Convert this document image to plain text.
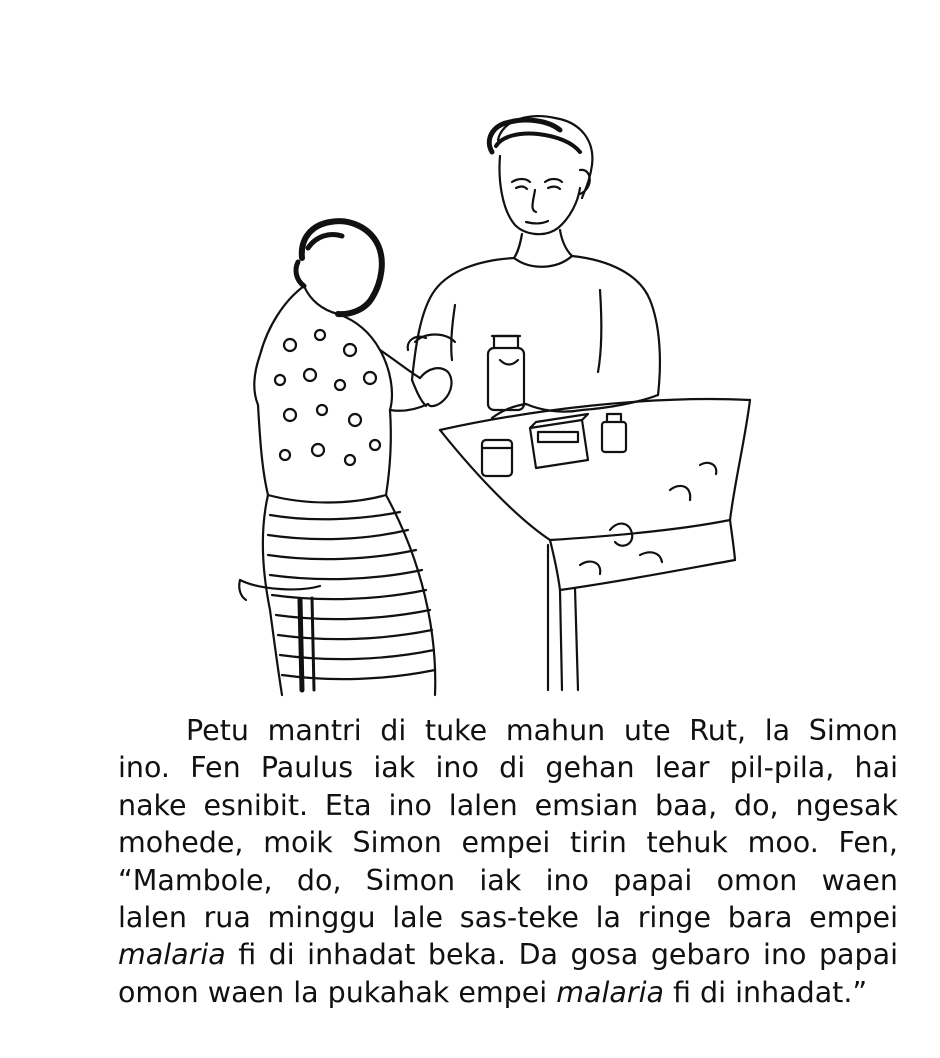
Petu mantri di tuke mahun ute Rut, la Simon
ino. Fen Paulus iak ino di gehan lear pil-pila, hai
nake esnibit. Eta ino lalen emsian baa, do, ngesak
mohede, moik Simon empei tirin tehuk moo. Fen,
“Mambole, do, Simon iak ino papai omon waen
lalen rua minggu lale sas-teke la ringe bara empei
malaria fi di inhadat beka. Da gosa gebaro ino papai
omon waen la pukahak empei malaria fi di inhadat.”
